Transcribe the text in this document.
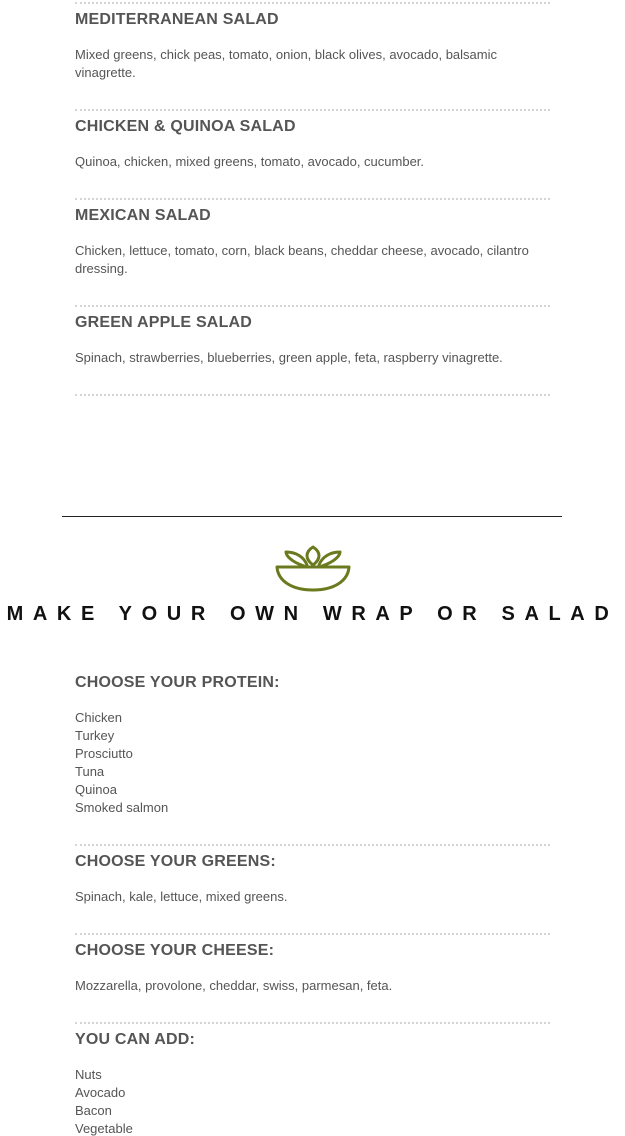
MEDITERRANEAN SALAD

Mixed greens, chick peas, tomato, onion, black olives, avocado, balsamic vinagrette.

CHICKEN & QUINOA SALAD

Quinoa, chicken, mixed greens, tomato, avocado, cucumber.

MEXICAN SALAD

Chicken, lettuce, tomato, corn, black beans, cheddar cheese, avocado, cilantro dressing.

GREEN APPLE SALAD

Spinach, strawberries, blueberries, green apple, feta, raspberry vinagrette.

MAKE YOUR OWN WRAP OR SALAD
CHOOSE YOUR PROTEIN:
Chicken
Turkey
Prosciutto
Tuna
Quinoa
Smoked salmon
CHOOSE YOUR GREENS:

Spinach, kale, lettuce, mixed greens.

CHOOSE YOUR CHEESE:

Mozzarella, provolone, cheddar, swiss, parmesan, feta.

YOU CAN ADD:
Nuts
Avocado
Bacon
Vegetable
